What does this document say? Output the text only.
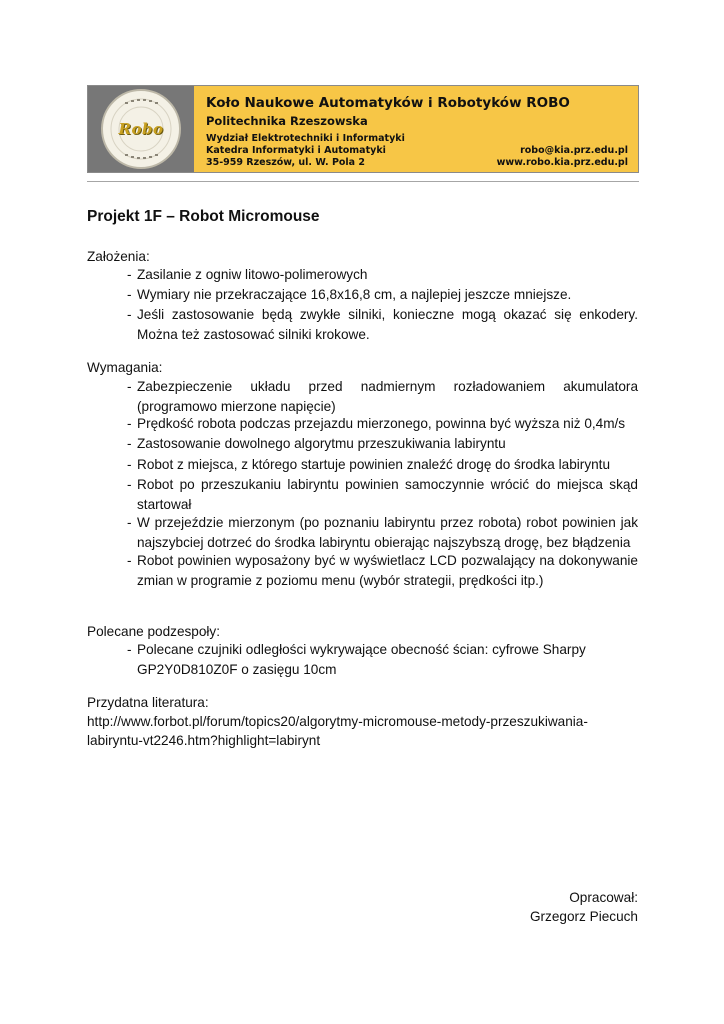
Robo
Koło Naukowe Automatyków i Robotyków ROBO
Politechnika Rzeszowska
Wydział Elektrotechniki i Informatyki
Katedra Informatyki i Automatyki
35-959 Rzeszów, ul. W. Pola 2
robo@kia.prz.edu.pl
www.robo.kia.prz.edu.pl
Projekt 1F – Robot Micromouse
Założenia:
- Zasilanie z ogniw litowo-polimerowych
- Wymiary nie przekraczające 16,8x16,8 cm, a najlepiej jeszcze mniejsze.
- Jeśli zastosowanie będą zwykłe silniki, konieczne mogą okazać się enkodery. Można też zastosować silniki krokowe.
Wymagania:
- Zabezpieczenie układu przed nadmiernym rozładowaniem akumulatora (programowo mierzone napięcie)
- Prędkość robota podczas przejazdu mierzonego, powinna być wyższa niż 0,4m/s
- Zastosowanie dowolnego algorytmu przeszukiwania labiryntu
- Robot z miejsca, z którego startuje powinien znaleźć drogę do środka labiryntu
- Robot po przeszukaniu labiryntu powinien samoczynnie wrócić do miejsca skąd startował
- W przejeździe mierzonym (po poznaniu labiryntu przez robota) robot powinien jak najszybciej dotrzeć do środka labiryntu obierając najszybszą drogę, bez błądzenia
- Robot powinien wyposażony być w wyświetlacz LCD pozwalający na dokonywanie zmian w programie z poziomu menu (wybór strategii, prędkości itp.)
Polecane podzespoły:
- Polecane czujniki odległości wykrywające obecność ścian: cyfrowe Sharpy GP2Y0D810Z0F o zasięgu 10cm
Przydatna literatura:
http://www.forbot.pl/forum/topics20/algorytmy-micromouse-metody-przeszukiwania-
labiryntu-vt2246.htm?highlight=labirynt
Opracował:
Grzegorz Piecuch
